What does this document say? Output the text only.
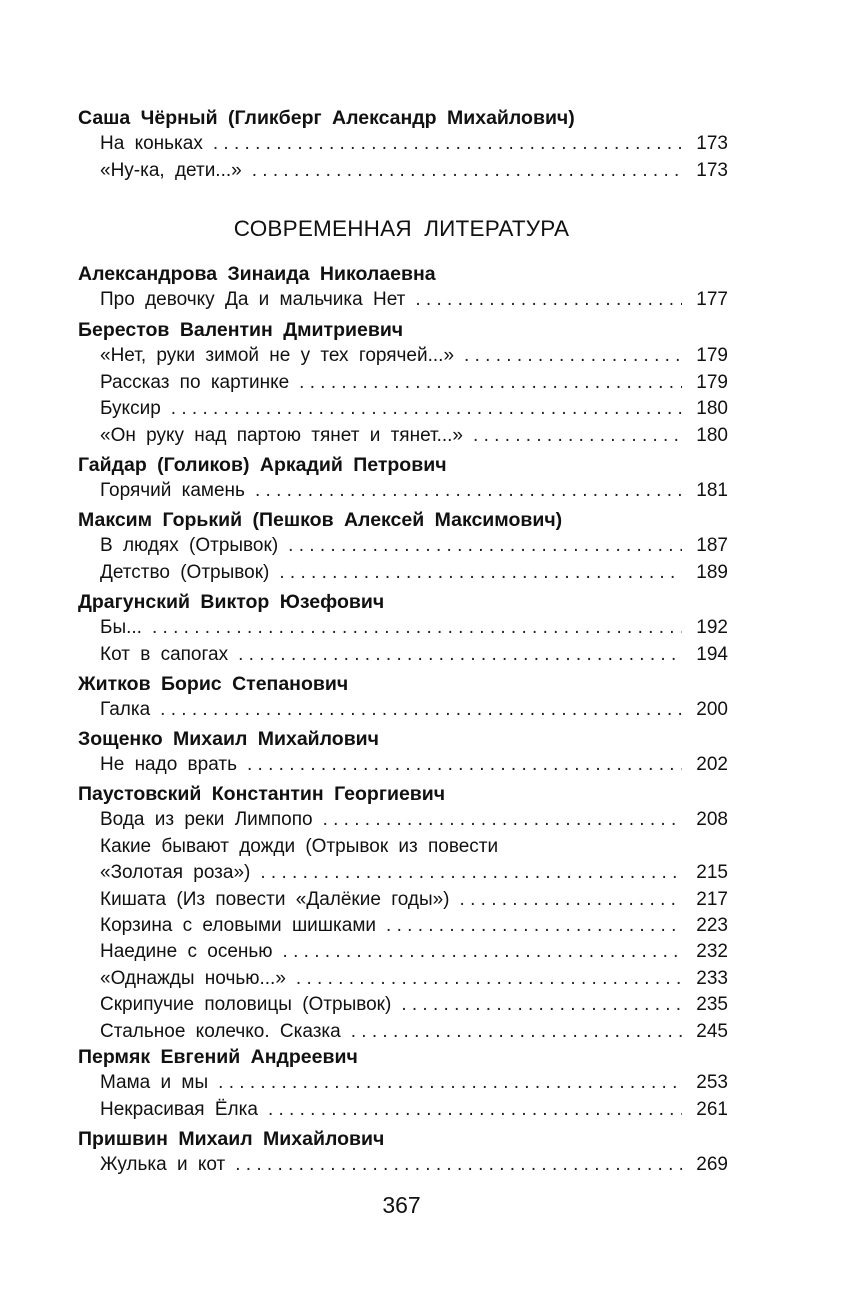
Саша Чёрный (Гликберг Александр Михайлович)
На коньках . . .	173
«Ну-ка, дети...» . . .	173
СОВРЕМЕННАЯ ЛИТЕРАТУРА
Александрова Зинаида Николаевна
Про девочку Да и мальчика Нет . . .	177
Берестов Валентин Дмитриевич
«Нет, руки зимой не у тех горячей...» . . .	179
Рассказ по картинке . . .	179
Буксир . . .	180
«Он руку над партою тянет и тянет...» . . .	180
Гайдар (Голиков) Аркадий Петрович
Горячий камень . . .	181
Максим Горький (Пешков Алексей Максимович)
В людях (Отрывок) . . .	187
Детство (Отрывок) . . .	189
Драгунский Виктор Юзефович
Бы... . . .	192
Кот в сапогах . . .	194
Житков Борис Степанович
Галка . . .	200
Зощенко Михаил Михайлович
Не надо врать . . .	202
Паустовский Константин Георгиевич
Вода из реки Лимпопо . . .	208
Какие бывают дожди (Отрывок из повести
«Золотая роза») . . .	215
Кишата (Из повести «Далёкие годы») . . .	217
Корзина с еловыми шишками . . .	223
Наедине с осенью . . .	232
«Однажды ночью...» . . .	233
Скрипучие половицы (Отрывок) . . .	235
Стальное колечко. Сказка . . .	245
Пермяк Евгений Андреевич
Мама и мы . . .	253
Некрасивая Ёлка . . .	261
Пришвин Михаил Михайлович
Жулька и кот . . .	269
367
